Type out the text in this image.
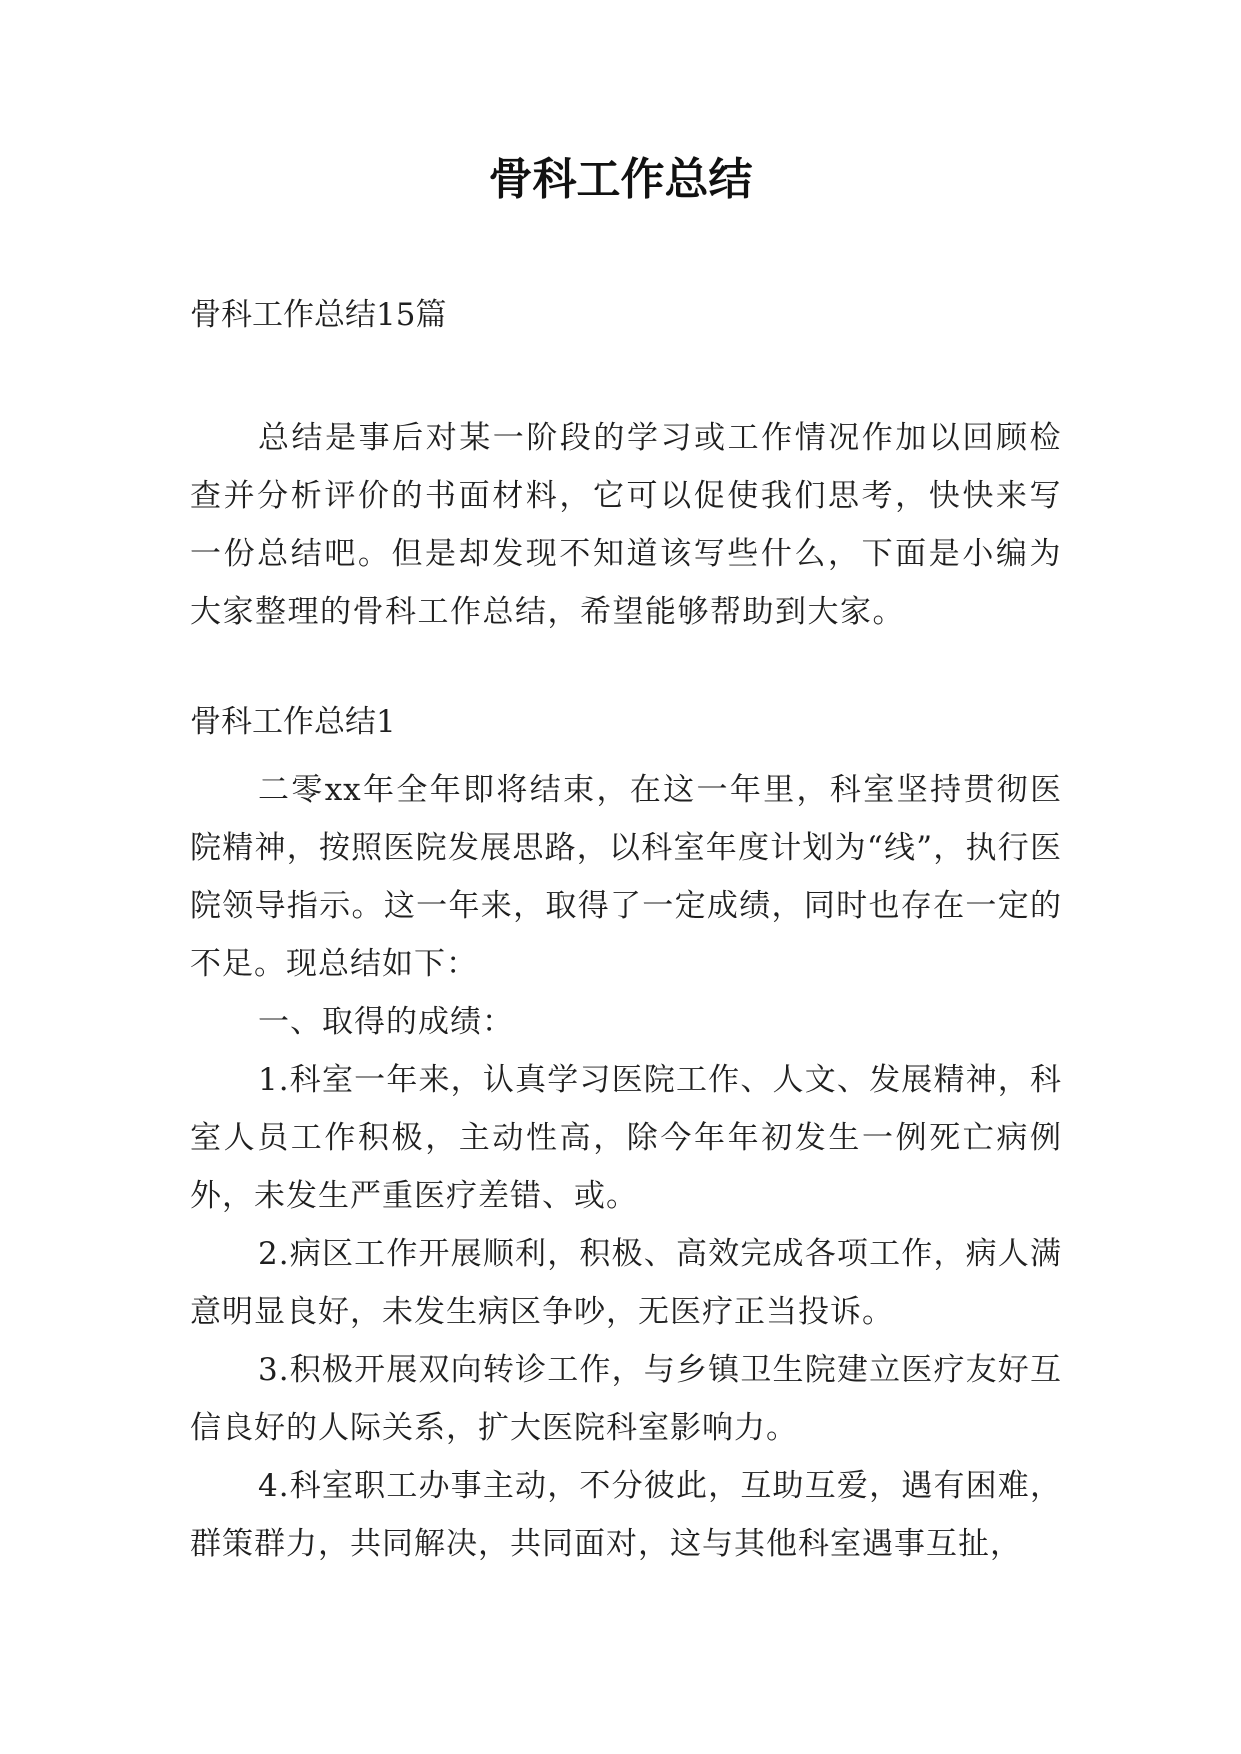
骨科工作总结

骨科工作总结15篇

总结是事后对某一阶段的学习或工作情况作加以回顾检查并分析评价的书面材料，它可以促使我们思考，快快来写一份总结吧。但是却发现不知道该写些什么，下面是小编为大家整理的骨科工作总结，希望能够帮助到大家。

骨科工作总结1

二零xx年全年即将结束，在这一年里，科室坚持贯彻医院精神，按照医院发展思路，以科室年度计划为“线”，执行医院领导指示。这一年来，取得了一定成绩，同时也存在一定的不足。现总结如下：

一、取得的成绩：

1.科室一年来，认真学习医院工作、人文、发展精神，科室人员工作积极，主动性高，除今年年初发生一例死亡病例外，未发生严重医疗差错、或。

2.病区工作开展顺利，积极、高效完成各项工作，病人满意明显良好，未发生病区争吵，无医疗正当投诉。

3.积极开展双向转诊工作，与乡镇卫生院建立医疗友好互信良好的人际关系，扩大医院科室影响力。

4.科室职工办事主动，不分彼此，互助互爱，遇有困难，群策群力，共同解决，共同面对，这与其他科室遇事互扯，
